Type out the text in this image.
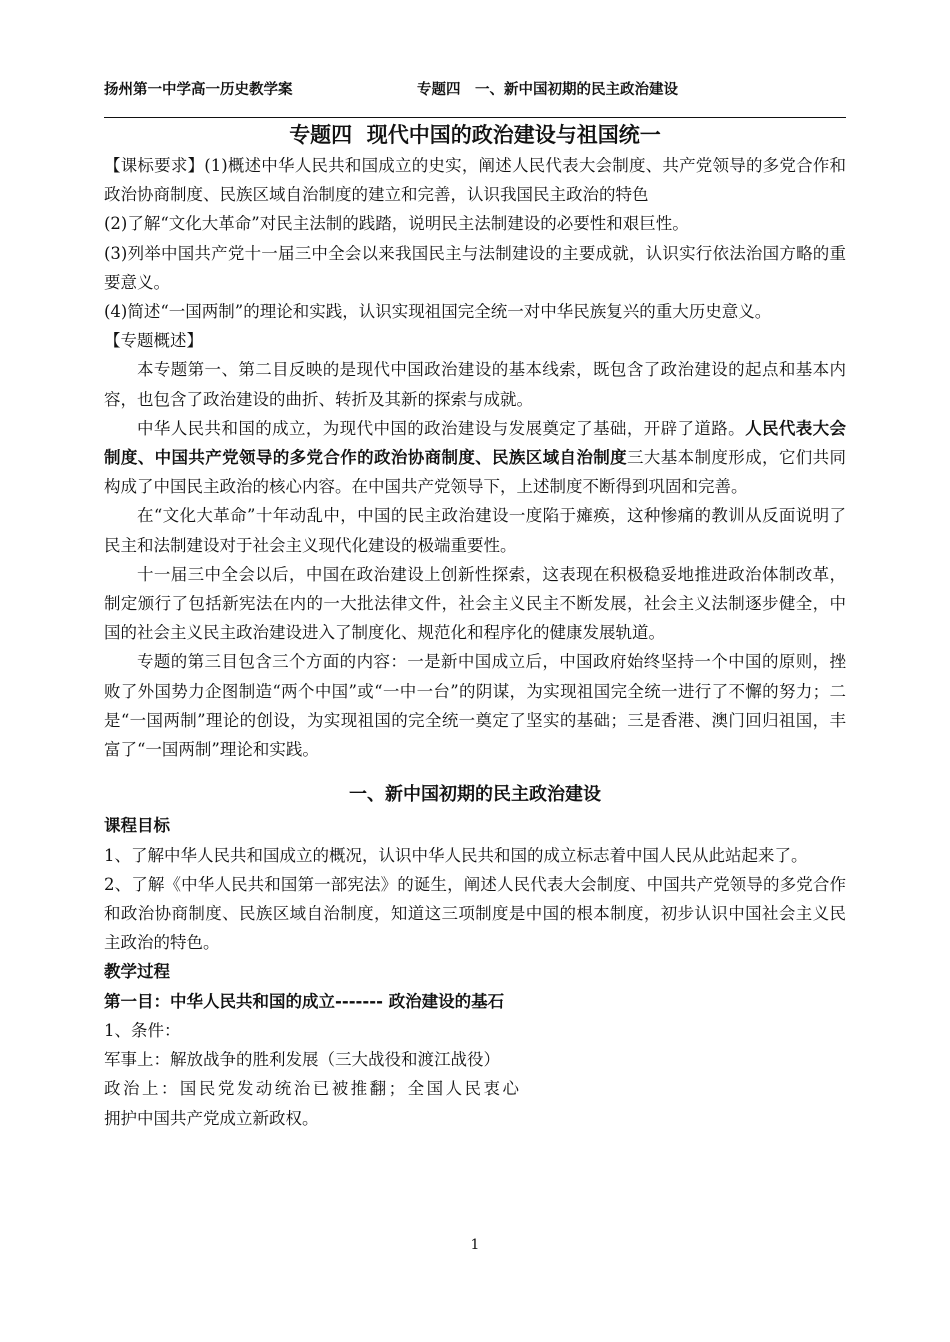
扬州第一中学高一历史教学案	专题四　一、新中国初期的民主政治建设
专题四  现代中国的政治建设与祖国统一

【课标要求】(1)概述中华人民共和国成立的史实，阐述人民代表大会制度、共产党领导的多党合作和政治协商制度、民族区域自治制度的建立和完善，认识我国民主政治的特色

(2)了解“文化大革命”对民主法制的践踏，说明民主法制建设的必要性和艰巨性。

(3)列举中国共产党十一届三中全会以来我国民主与法制建设的主要成就，认识实行依法治国方略的重要意义。

(4)简述“一国两制”的理论和实践，认识实现祖国完全统一对中华民族复兴的重大历史意义。

【专题概述】

本专题第一、第二目反映的是现代中国政治建设的基本线索，既包含了政治建设的起点和基本内容，也包含了政治建设的曲折、转折及其新的探索与成就。

中华人民共和国的成立，为现代中国的政治建设与发展奠定了基础，开辟了道路。人民代表大会制度、中国共产党领导的多党合作的政治协商制度、民族区域自治制度三大基本制度形成，它们共同构成了中国民主政治的核心内容。在中国共产党领导下，上述制度不断得到巩固和完善。

在“文化大革命”十年动乱中，中国的民主政治建设一度陷于瘫痪，这种惨痛的教训从反面说明了民主和法制建设对于社会主义现代化建设的极端重要性。

十一届三中全会以后，中国在政治建设上创新性探索，这表现在积极稳妥地推进政治体制改革，制定颁行了包括新宪法在内的一大批法律文件，社会主义民主不断发展，社会主义法制逐步健全，中国的社会主义民主政治建设进入了制度化、规范化和程序化的健康发展轨道。

专题的第三目包含三个方面的内容：一是新中国成立后，中国政府始终坚持一个中国的原则，挫败了外国势力企图制造“两个中国”或“一中一台”的阴谋，为实现祖国完全统一进行了不懈的努力；二是“一国两制”理论的创设，为实现祖国的完全统一奠定了坚实的基础；三是香港、澳门回归祖国，丰富了“一国两制”理论和实践。

一、新中国初期的民主政治建设

课程目标

1、了解中华人民共和国成立的概况，认识中华人民共和国的成立标志着中国人民从此站起来了。

2、了解《中华人民共和国第一部宪法》的诞生，阐述人民代表大会制度、中国共产党领导的多党合作和政治协商制度、民族区域自治制度，知道这三项制度是中国的根本制度，初步认识中国社会主义民主政治的特色。

教学过程

第一目：中华人民共和国的成立------- 政治建设的基石

1、条件：

军事上：解放战争的胜利发展（三大战役和渡江战役）

政治上：国民党发动统治已被推翻；全国人民衷心

拥护中国共产党成立新政权。

1
